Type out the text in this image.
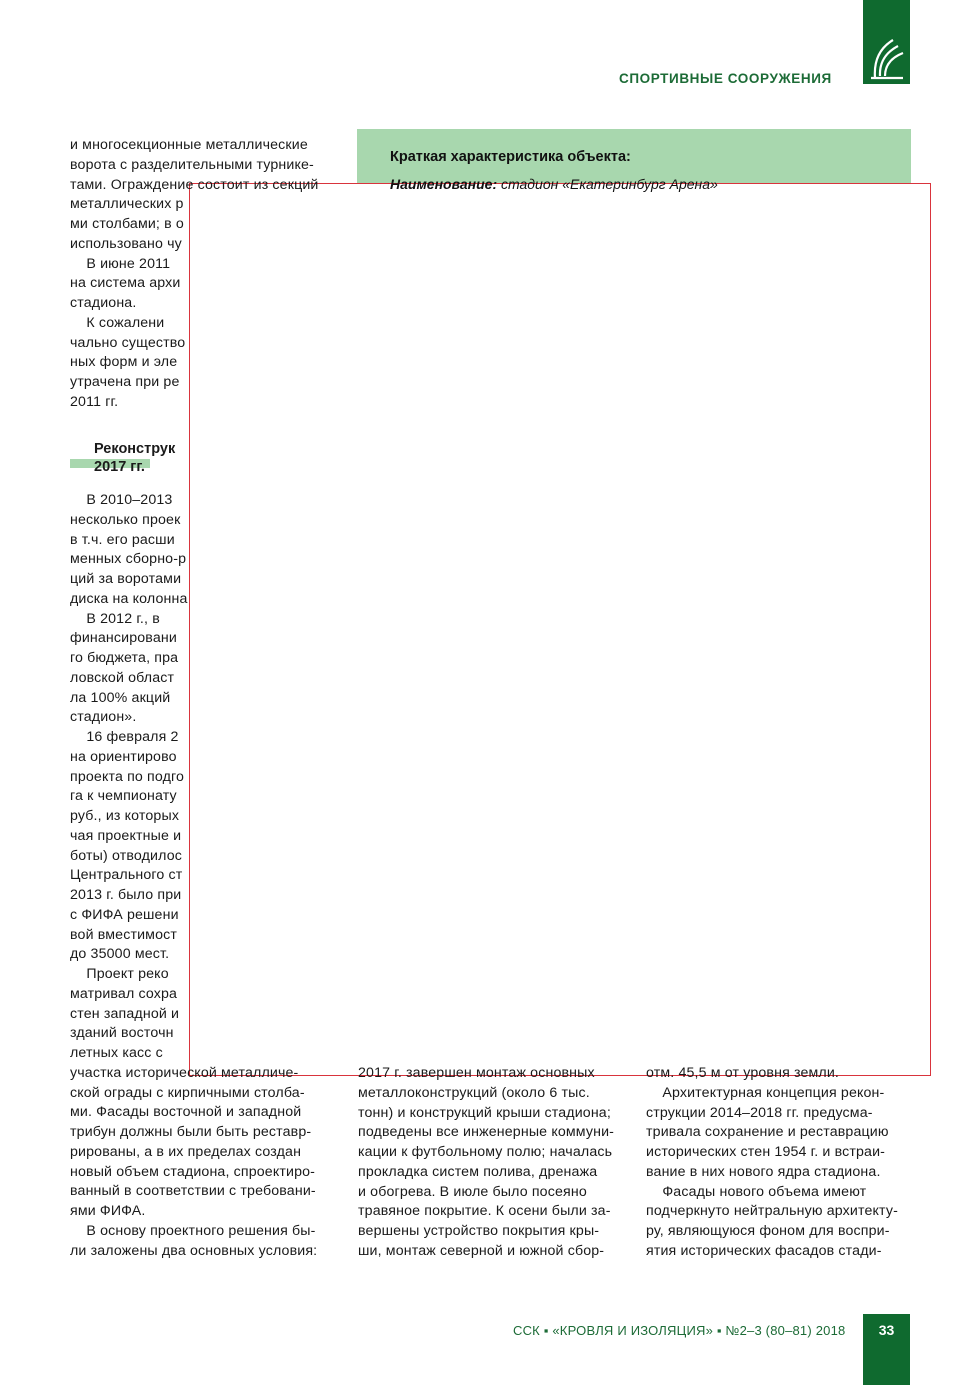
СПОРТИВНЫЕ СООРУЖЕНИЯ
Краткая характеристика объекта:
Наименование: стадион «Екатеринбург Арена»
Реконструк
2017 гг.
и многосекционные металлические
ворота с разделительными турнике-
тами. Ограждение состоит из секций
металлических р
ми столбами; в о
использовано чу
В июне 2011
на система архи
стадиона.
К сожалени
чально существо
ных форм и эле
утрачена при ре
2011 гг.
В 2010–2013
несколько проек
в т.ч. его расши
менных сборно-р
ций за воротами
диска на колонна
В 2012 г., в
финансировани
го бюджета, пра
ловской област
ла 100% акций
стадион».
16 февраля 2
на ориентирово
проекта по подго
га к чемпионату
руб., из которых
чая проектные и
боты) отводилос
Центрального ст
2013 г. было при
с ФИФА решени
вой вместимост
до 35000 мест.
Проект реко
матривал сохра
стен западной и
зданий восточн
летных касс с
участка исторической металличе-
ской ограды с кирпичными столба-
ми. Фасады восточной и западной
трибун должны были быть реставр-
рированы, а в их пределах создан
новый объем стадиона, спроектиро-
ванный в соответствии с требовани-
ями ФИФА.
В основу проектного решения бы-
ли заложены два основных условия:
2017 г. завершен монтаж основных
металлоконструкций (около 6 тыс.
тонн) и конструкций крыши стадиона;
подведены все инженерные коммуни-
кации к футбольному полю; началась
прокладка систем полива, дренажа
и обогрева. В июле было посеяно
травяное покрытие. К осени были за-
вершены устройство покрытия кры-
ши, монтаж северной и южной сбор-
отм. 45,5 м от уровня земли.
Архитектурная концепция рекон-
струкции 2014–2018 гг. предусма-
тривала сохранение и реставрацию
исторических стен 1954 г. и встраи-
вание в них нового ядра стадиона.
Фасады нового объема имеют
подчеркнуто нейтральную архитекту-
ру, являющуюся фоном для воспри-
ятия исторических фасадов стади-
ССК ▪ «КРОВЛЯ И ИЗОЛЯЦИЯ» ▪ №2–3 (80–81) 2018	33
